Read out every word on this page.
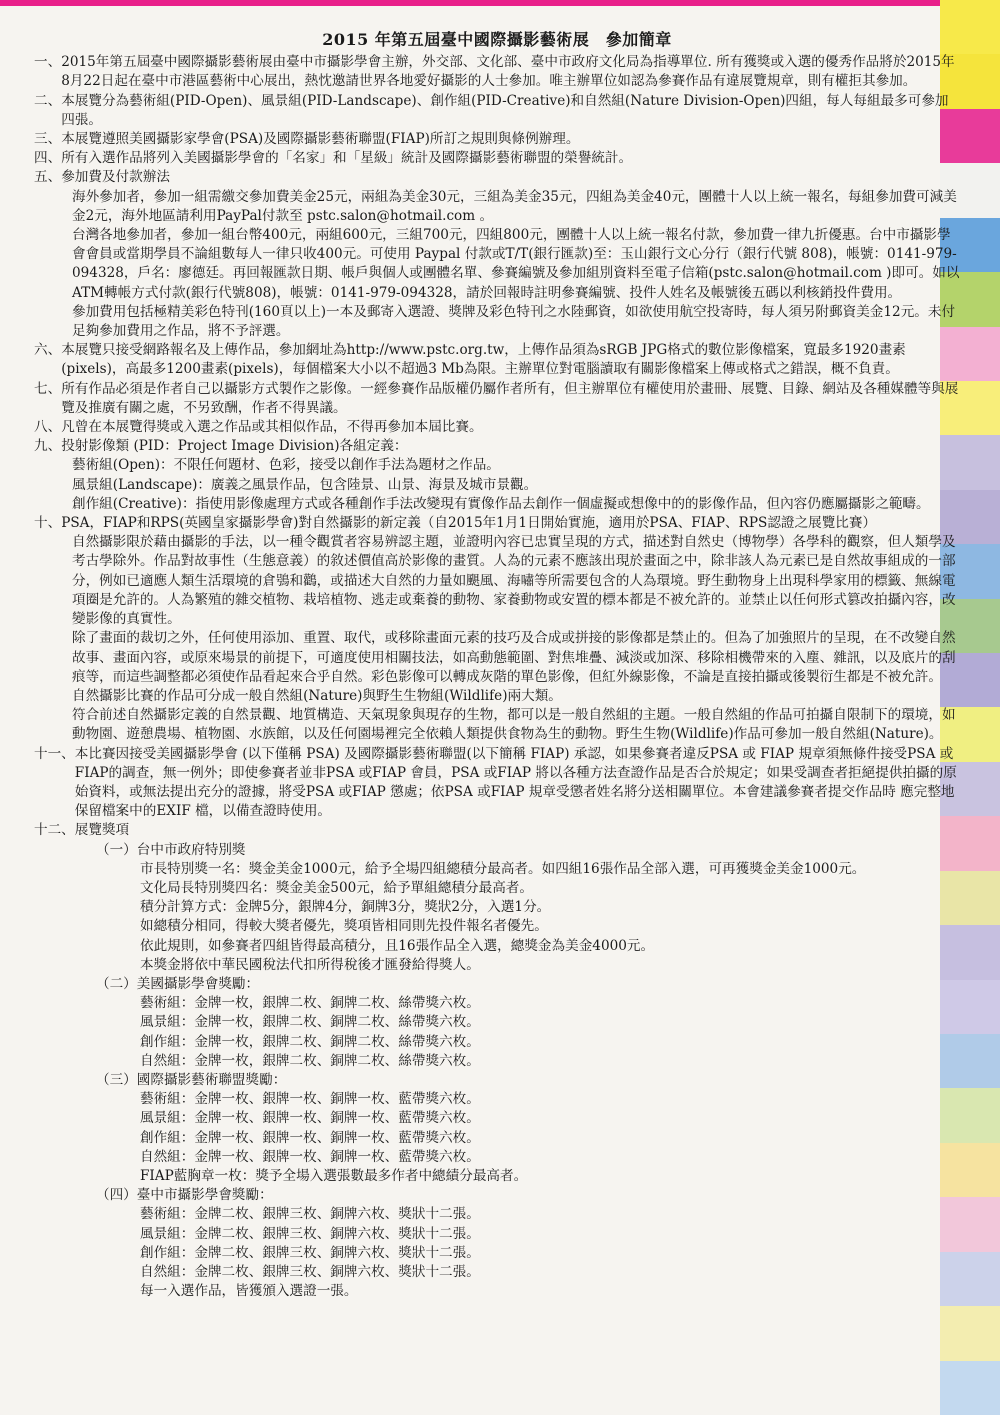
2015 年第五屆臺中國際攝影藝術展　參加簡章
一、 2015年第五屆臺中國際攝影藝術展由臺中市攝影學會主辦，外交部、文化部、臺中市政府文化局為指導單位. 所有獲獎或入選的優秀作品將於2015年8月22日起在臺中市港區藝術中心展出，熱忱邀請世界各地愛好攝影的人士參加。唯主辦單位如認為參賽作品有違展覽規章，則有權拒其參加。
二、 本展覽分為藝術組(PID-Open)、風景組(PID-Landscape)、創作組(PID-Creative)和自然組(Nature Division-Open)四組，每人每組最多可參加四張。
三、 本展覽遵照美國攝影家學會(PSA)及國際攝影藝術聯盟(FIAP)所訂之規則與條例辦理。
四、 所有入選作品將列入美國攝影學會的「名家」和「星級」統計及國際攝影藝術聯盟的榮譽統計。
五、 參加費及付款辦法

海外參加者，參加一組需繳交參加費美金25元，兩組為美金30元，三組為美金35元，四組為美金40元，團體十人以上統一報名，每組參加費可減美金2元，海外地區請利用PayPal付款至 pstc.salon@hotmail.com 。

台灣各地參加者，參加一組台幣400元，兩組600元，三組700元，四組800元，團體十人以上統一報名付款，參加費一律九折優惠。台中市攝影學會會員或當期學員不論組數每人一律只收400元。可使用 Paypal 付款或T/T(銀行匯款)至：玉山銀行文心分行（銀行代號 808)，帳號：0141-979-094328，戶名：廖德廷。再回報匯款日期、帳戶與個人或團體名單、參賽編號及參加組別資料至電子信箱(pstc.salon@hotmail.com )即可。如以ATM轉帳方式付款(銀行代號808)，帳號：0141-979-094328，請於回報時註明參賽編號、投件人姓名及帳號後五碼以利核銷投件費用。

參加費用包括極精美彩色特刊(160頁以上)一本及郵寄入選證、獎牌及彩色特刊之水陸郵資，如欲使用航空投寄時，每人須另附郵資美金12元。未付足夠參加費用之作品，將不予評選。

六、 本展覽只接受網路報名及上傳作品，參加網址為http://www.pstc.org.tw，上傳作品須為sRGB JPG格式的數位影像檔案，寬最多1920畫素(pixels)，高最多1200畫素(pixels)，每個檔案大小以不超過3 Mb為限。主辦單位對電腦讀取有關影像檔案上傳或格式之錯誤，概不負責。
七、 所有作品必須是作者自己以攝影方式製作之影像。一經參賽作品版權仍屬作者所有，但主辦單位有權使用於畫冊、展覽、目錄、網站及各種媒體等與展覽及推廣有關之處，不另致酬，作者不得異議。
八、 凡曾在本展覽得獎或入選之作品或其相似作品，不得再參加本屆比賽。
九、 投射影像類 (PID：Project Image Division)各組定義：

藝術組(Open)：不限任何題材、色彩，接受以創作手法為題材之作品。

風景組(Landscape)：廣義之風景作品，包含陸景、山景、海景及城市景觀。

創作組(Creative)：指使用影像處理方式或各種創作手法改變現有實像作品去創作一個虛擬或想像中的的影像作品，但內容仍應屬攝影之範疇。

十、 PSA，FIAP和RPS(英國皇家攝影學會)對自然攝影的新定義（自2015年1月1日開始實施，適用於PSA、FIAP、RPS認證之展覽比賽）

自然攝影限於藉由攝影的手法，以一種令觀賞者容易辨認主題，並證明內容已忠實呈現的方式，描述對自然史（博物學）各學科的觀察，但人類學及考古學除外。作品對故事性（生態意義）的敘述價值高於影像的畫質。人為的元素不應該出現於畫面之中，除非該人為元素已是自然故事組成的一部分，例如已適應人類生活環境的倉鴞和鸛，或描述大自然的力量如颶風、海嘯等所需要包含的人為環境。野生動物身上出現科學家用的標籤、無線電項圈是允許的。人為繁殖的雜交植物、栽培植物、逃走或棄養的動物、家養動物或安置的標本都是不被允許的。並禁止以任何形式篡改拍攝內容，改變影像的真實性。

除了畫面的裁切之外，任何使用添加、重置、取代，或移除畫面元素的技巧及合成或拼接的影像都是禁止的。但為了加強照片的呈現，在不改變自然故事、畫面內容，或原來場景的前提下，可適度使用相關技法，如高動態範圍、對焦堆疊、減淡或加深、移除相機帶來的入塵、雜訊，以及底片的刮痕等，而這些調整都必須使作品看起來合乎自然。彩色影像可以轉成灰階的單色影像，但紅外線影像，不論是直接拍攝或後製衍生都是不被允許。

自然攝影比賽的作品可分成一般自然組(Nature)與野生生物組(Wildlife)兩大類。

符合前述自然攝影定義的自然景觀、地質構造、天氣現象與現存的生物，都可以是一般自然組的主題。一般自然組的作品可拍攝自限制下的環境，如動物園、遊憩農場、植物園、水族館，以及任何園場裡完全依賴人類提供食物為生的動物。野生生物(Wildlife)作品可參加一般自然組(Nature)。

十一、 本比賽因接受美國攝影學會 (以下僅稱 PSA) 及國際攝影藝術聯盟(以下簡稱 FIAP) 承認，如果參賽者違反PSA 或 FIAP 規章須無條件接受PSA 或FIAP的調查，無一例外；即使參賽者並非PSA 或FIAP 會員，PSA 或FIAP 將以各種方法查證作品是否合於規定；如果受調查者拒絕提供拍攝的原始資料，或無法提出充分的證據，將受PSA 或FIAP 懲處；依PSA 或FIAP 規章受懲者姓名將分送相關單位。本會建議參賽者提交作品時 應完整地保留檔案中的EXIF 檔，以備查證時使用。
十二、 展覽獎項

（一）台中市政府特別獎

市長特別獎一名：獎金美金1000元，給予全場四組總積分最高者。如四組16張作品全部入選，可再獲獎金美金1000元。

文化局長特別獎四名：獎金美金500元，給予單組總積分最高者。

積分計算方式：金牌5分，銀牌4分，銅牌3分，獎狀2分，入選1分。

如總積分相同，得較大獎者優先，獎項皆相同則先投件報名者優先。

依此規則，如參賽者四組皆得最高積分，且16張作品全入選，總獎金為美金4000元。

本獎金將依中華民國稅法代扣所得稅後才匯發給得獎人。

（二）美國攝影學會獎勵：

藝術組：金牌一枚，銀牌二枚、銅牌二枚、絲帶獎六枚。

風景組：金牌一枚，銀牌二枚、銅牌二枚、絲帶獎六枚。

創作組：金牌一枚，銀牌二枚、銅牌二枚、絲帶獎六枚。

自然組：金牌一枚，銀牌二枚、銅牌二枚、絲帶獎六枚。

（三）國際攝影藝術聯盟獎勵：

藝術組：金牌一枚、銀牌一枚、銅牌一枚、藍帶獎六枚。

風景組：金牌一枚、銀牌一枚、銅牌一枚、藍帶獎六枚。

創作組：金牌一枚、銀牌一枚、銅牌一枚、藍帶獎六枚。

自然組：金牌一枚、銀牌一枚、銅牌一枚、藍帶獎六枚。

FIAP藍胸章一枚：獎予全場入選張數最多作者中總績分最高者。

（四）臺中市攝影學會獎勵：

藝術組：金牌二枚、銀牌三枚、銅牌六枚、獎狀十二張。

風景組：金牌二枚、銀牌三枚、銅牌六枚、獎狀十二張。

創作組：金牌二枚、銀牌三枚、銅牌六枚、獎狀十二張。

自然組：金牌二枚、銀牌三枚、銅牌六枚、獎狀十二張。

每一入選作品，皆獲頒入選證一張。
